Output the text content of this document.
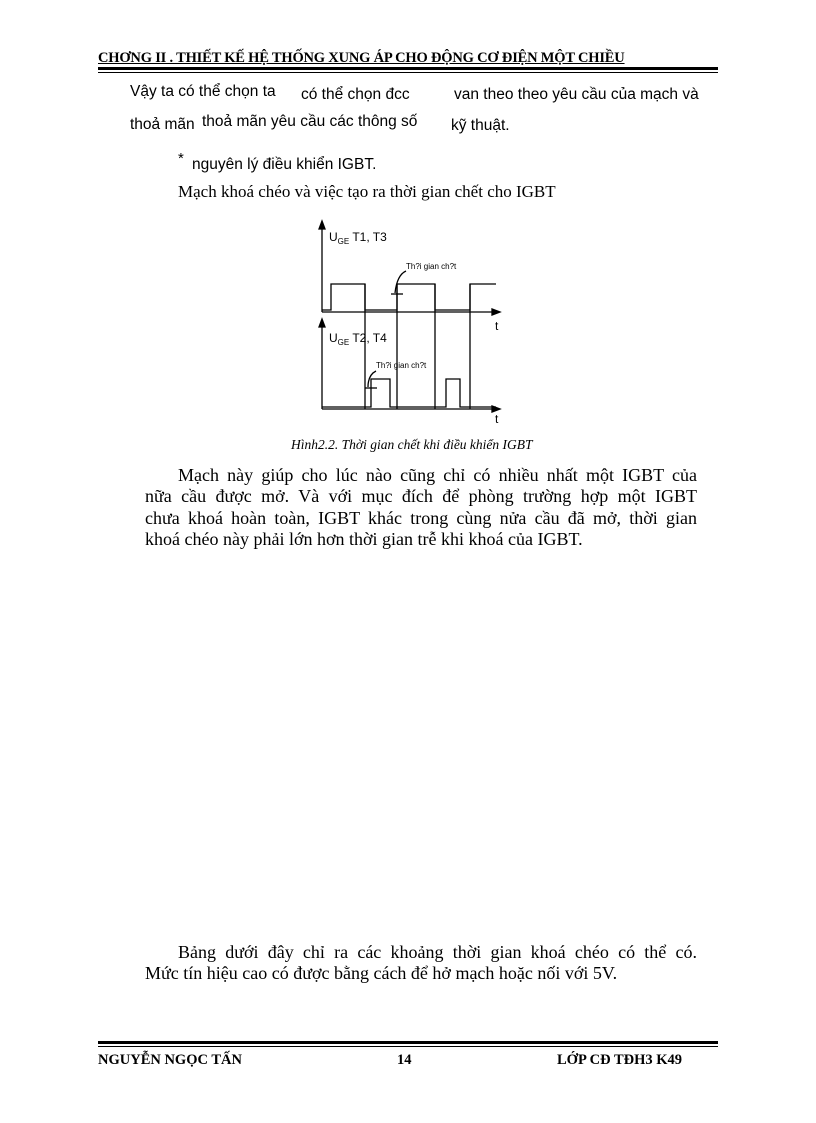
CHƠNG II . THIẾT KẾ HỆ THỐNG XUNG ÁP CHO ĐỘNG CƠ ĐIỆN MỘT CHIỀU
Vậy ta có thể chọn ta có thể chọn đcc	van theo theo yêu cầu của mạch và
thoả mãn thoả mãn yêu cầu các thông số kỹ thuật.
* nguyên lý điều khiển IGBT.
Mạch khoá chéo và việc tạo ra thời gian chết cho IGBT
$U_{GE}$ T1, T3
Th?i gian ch?t
t
$U_{GE}$ T2, T4
Th?i gian ch?t
t
Hình2.2. Thời gian chết khi điều khiển IGBT
Mạch này giúp cho lúc nào cũng chỉ có nhiều nhất một IGBT của
nữa cầu được mở. Và với mục đích để phòng trường hợp một IGBT
chưa khoá hoàn toàn, IGBT khác trong cùng nửa cầu đã mở, thời gian
khoá chéo này phải lớn hơn thời gian trễ khi khoá của IGBT.
Bảng dưới đây chỉ ra các khoảng thời gian khoá chéo có thể có.
Mức tín hiệu cao có được bằng cách để hở mạch hoặc nối với 5V.
NGUYỄN NGỌC TẤN	14	LỚP CĐ TĐH3 K49
